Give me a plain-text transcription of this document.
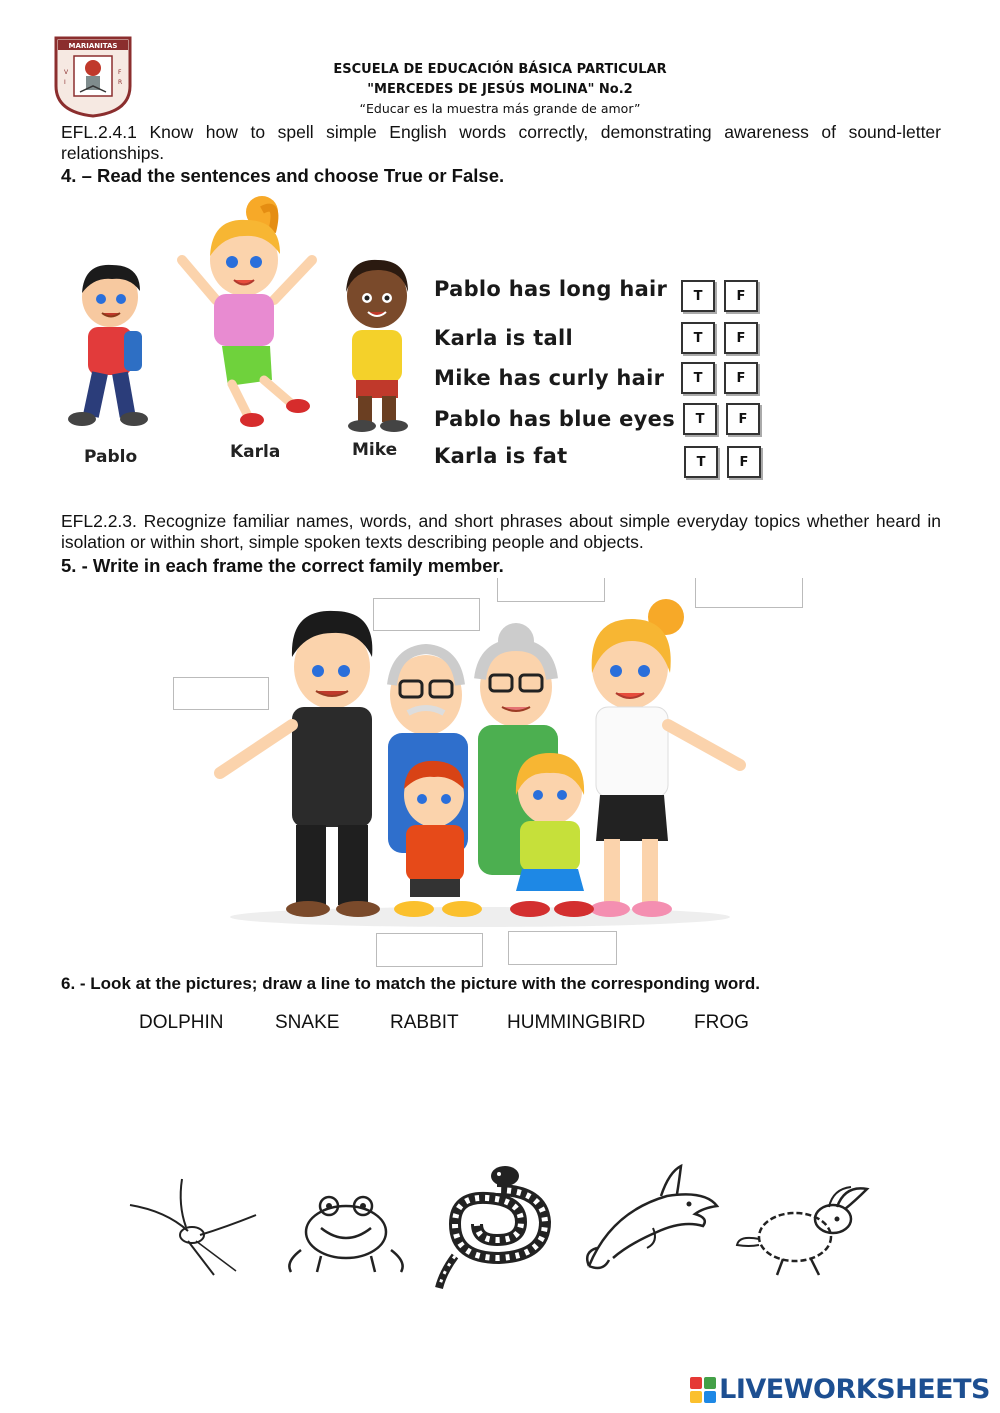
MARIANITAS
V
I
F
R
ESCUELA DE EDUCACIÓN BÁSICA PARTICULAR
"MERCEDES DE JESÚS MOLINA" No.2
“Educar es la muestra más grande de amor”
EFL.2.4.1 Know how to spell simple English words correctly, demonstrating awareness of sound-letter relationships.
4. – Read the sentences and choose True or False.
Pablo	Karla	Mike
Pablo has long hair	T	F
Karla is tall	T	F
Mike has curly hair	T	F
Pablo has blue eyes	T	F
Karla is fat	T	F
EFL2.2.3. Recognize familiar names, words, and short phrases about simple everyday topics whether heard in isolation or within short, simple spoken texts describing people and objects.
5. - Write in each frame the correct family member.
6. - Look at the pictures; draw a line to match the picture with the corresponding word.
DOLPHIN	SNAKE	RABBIT	HUMMINGBIRD	FROG
LIVEWORKSHEETS
